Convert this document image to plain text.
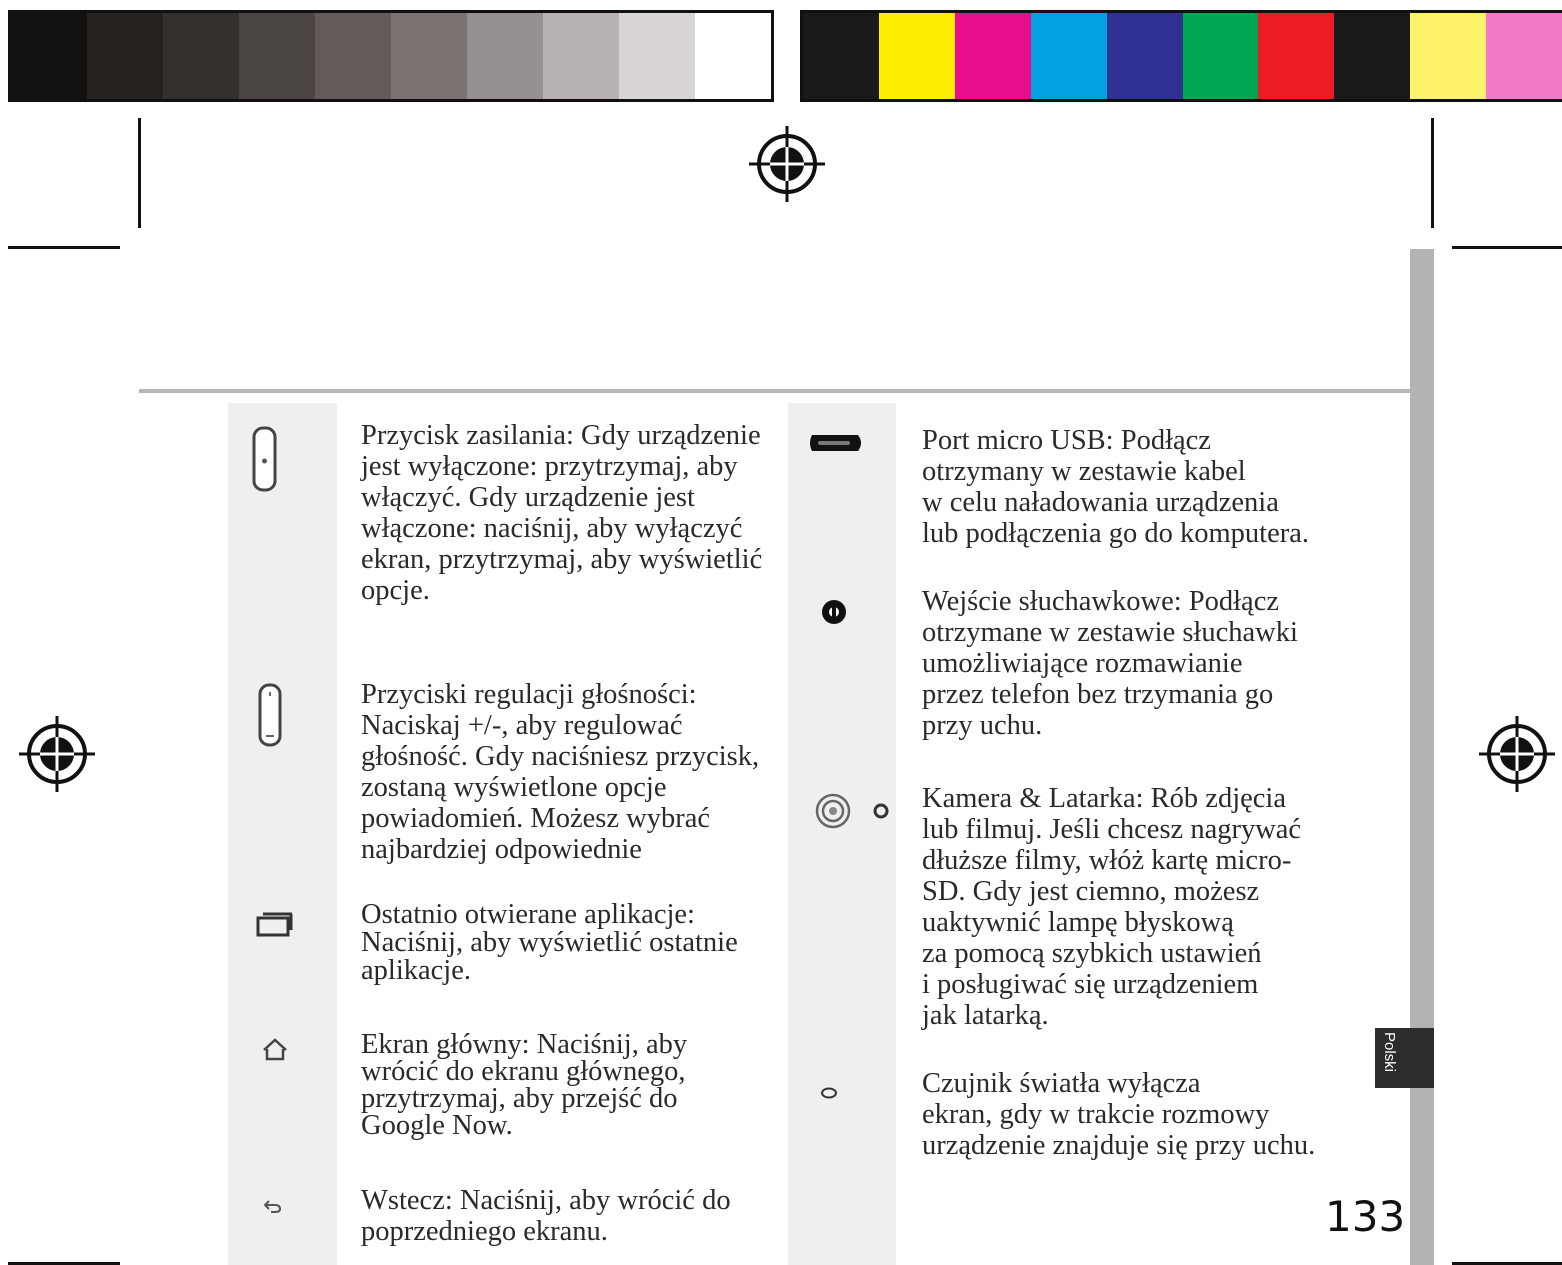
Polski
Przycisk zasilania: Gdy urządzenie
jest wyłączone: przytrzymaj, aby
włączyć. Gdy urządzenie jest
włączone: naciśnij, aby wyłączyć
ekran, przytrzymaj, aby wyświetlić
opcje.
Przyciski regulacji głośności:
Naciskaj +/-, aby regulować
głośność. Gdy naciśniesz przycisk,
zostaną wyświetlone opcje
powiadomień. Możesz wybrać
najbardziej odpowiednie
Ostatnio otwierane aplikacje:
Naciśnij, aby wyświetlić ostatnie
aplikacje.
Ekran główny: Naciśnij, aby
wrócić do ekranu głównego,
przytrzymaj, aby przejść do
Google Now.
Wstecz: Naciśnij, aby wrócić do
poprzedniego ekranu.
Port micro USB: Podłącz
otrzymany w zestawie kabel
w celu naładowania urządzenia
lub podłączenia go do komputera.
Wejście słuchawkowe: Podłącz
otrzymane w zestawie słuchawki
umożliwiające rozmawianie
przez telefon bez trzymania go
przy uchu.
Kamera & Latarka: Rób zdjęcia
lub filmuj. Jeśli chcesz nagrywać
dłuższe filmy, włóż kartę micro-
SD. Gdy jest ciemno, możesz
uaktywnić lampę błyskową
za pomocą szybkich ustawień
i posługiwać się urządzeniem
jak latarką.
Czujnik światła wyłącza
ekran, gdy w trakcie rozmowy
urządzenie znajduje się przy uchu.
133
